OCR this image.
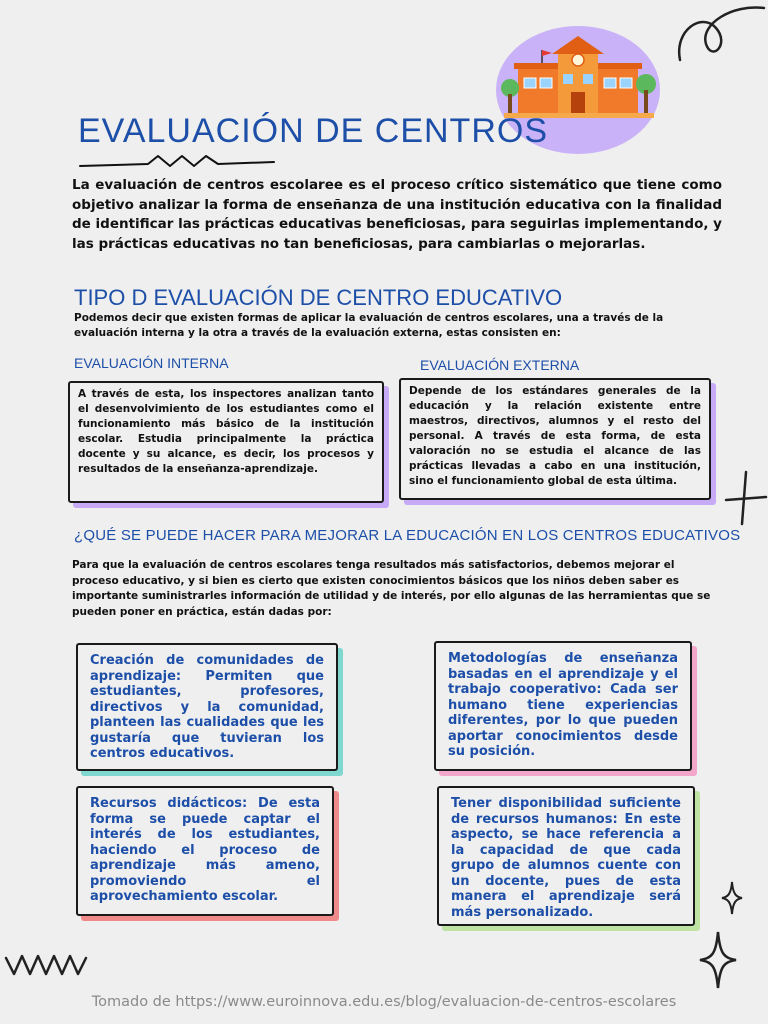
EVALUACIÓN DE CENTROS
La evaluación de centros escolaree es el proceso crítico sistemático que tiene como objetivo analizar la forma de enseñanza de una institución educativa con la finalidad de identificar las prácticas educativas beneficiosas, para seguirlas implementando, y las prácticas educativas no tan beneficiosas, para cambiarlas o mejorarlas.
TIPO D EVALUACIÓN DE CENTRO EDUCATIVO
Podemos decir que existen formas de aplicar la evaluación de centros escolares, una a través de la evaluación interna y la otra a través de la evaluación externa, estas consisten en:
EVALUACIÓN INTERNA	EVALUACIÓN EXTERNA
A través de esta, los inspectores analizan tanto el desenvolvimiento de los estudiantes como el funcionamiento más básico de la institución escolar. Estudia principalmente la práctica docente y su alcance, es decir, los procesos y resultados de la enseñanza-aprendizaje.
Depende de los estándares generales de la educación y la relación existente entre maestros, directivos, alumnos y el resto del personal. A través de esta forma, de esta valoración no se estudia el alcance de las prácticas llevadas a cabo en una institución, sino el funcionamiento global de esta última.
¿QUÉ SE PUEDE HACER PARA MEJORAR LA EDUCACIÓN EN LOS CENTROS EDUCATIVOS
Para que la evaluación de centros escolares tenga resultados más satisfactorios, debemos mejorar el proceso educativo, y si bien es cierto que existen conocimientos básicos que los niños deben saber es importante suministrarles información de utilidad y de interés, por ello algunas de las herramientas que se pueden poner en práctica, están dadas por:
Creación de comunidades de aprendizaje: Permiten que estudiantes, profesores, directivos y la comunidad, planteen las cualidades que les gustaría que tuvieran los centros educativos.
Metodologías de enseñanza basadas en el aprendizaje y el trabajo cooperativo: Cada ser humano tiene experiencias diferentes, por lo que pueden aportar conocimientos desde su posición.
Recursos didácticos: De esta forma se puede captar el interés de los estudiantes, haciendo el proceso de aprendizaje más ameno, promoviendo el aprovechamiento escolar.
Tener disponibilidad suficiente de recursos humanos: En este aspecto, se hace referencia a la capacidad de que cada grupo de alumnos cuente con un docente, pues de esta manera el aprendizaje será más personalizado.
Tomado de https://www.euroinnova.edu.es/blog/evaluacion-de-centros-escolares
